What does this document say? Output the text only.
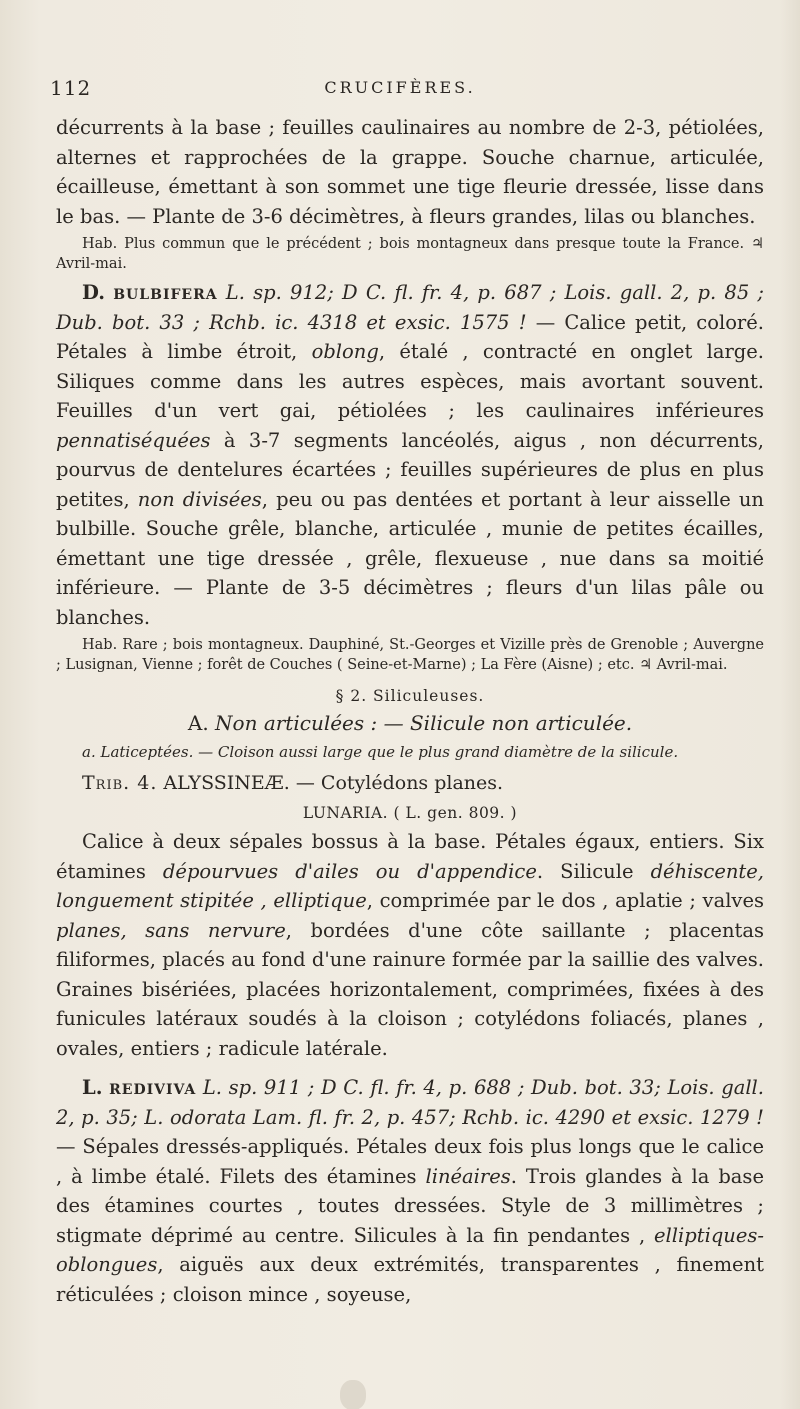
112	CRUCIFÈRES.

décurrents à la base ; feuilles caulinaires au nombre de 2-3, pétiolées, alternes et rapprochées de la grappe. Souche charnue, articulée, écailleuse, émettant à son sommet une tige fleurie dressée, lisse dans le bas. — Plante de 3-6 décimètres, à fleurs grandes, lilas ou blanches.

Hab. Plus commun que le précédent ; bois montagneux dans presque toute la France. ♃ Avril-mai.

D. bulbifera L. sp. 912; D C. fl. fr. 4, p. 687 ; Lois. gall. 2, p. 85 ; Dub. bot. 33 ; Rchb. ic. 4318 et exsic. 1575 ! — Calice petit, coloré. Pétales à limbe étroit, oblong, étalé , contracté en onglet large. Siliques comme dans les autres espèces, mais avortant souvent. Feuilles d'un vert gai, pétiolées ; les caulinaires inférieures pennatiséquées à 3-7 segments lancéolés, aigus , non décurrents, pourvus de dentelures écartées ; feuilles supérieures de plus en plus petites, non divisées, peu ou pas dentées et portant à leur aisselle un bulbille. Souche grêle, blanche, articulée , munie de petites écailles, émettant une tige dressée , grêle, flexueuse , nue dans sa moitié inférieure. — Plante de 3-5 décimètres ; fleurs d'un lilas pâle ou blanches.

Hab. Rare ; bois montagneux. Dauphiné, St.-Georges et Vizille près de Grenoble ; Auvergne ; Lusignan, Vienne ; forêt de Couches ( Seine-et-Marne) ; La Fère (Aisne) ; etc. ♃ Avril-mai.

§ 2. Siliculeuses.

A. Non articulées : — Silicule non articulée.

a. Laticeptées. — Cloison aussi large que le plus grand diamètre de la silicule.

Trib. 4. ALYSSINEÆ. — Cotylédons planes.

LUNARIA. ( L. gen. 809. )

Calice à deux sépales bossus à la base. Pétales égaux, entiers. Six étamines dépourvues d'ailes ou d'appendice. Silicule déhiscente, longuement stipitée , elliptique, comprimée par le dos , aplatie ; valves planes, sans nervure, bordées d'une côte saillante ; placentas filiformes, placés au fond d'une rainure formée par la saillie des valves. Graines bisériées, placées horizontalement, comprimées, fixées à des funicules latéraux soudés à la cloison ; cotylédons foliacés, planes , ovales, entiers ; radicule latérale.

L. rediviva L. sp. 911 ; D C. fl. fr. 4, p. 688 ; Dub. bot. 33; Lois. gall. 2, p. 35; L. odorata Lam. fl. fr. 2, p. 457; Rchb. ic. 4290 et exsic. 1279 ! — Sépales dressés-appliqués. Pétales deux fois plus longs que le calice , à limbe étalé. Filets des étamines linéaires. Trois glandes à la base des étamines courtes , toutes dressées. Style de 3 millimètres ; stigmate déprimé au centre. Silicules à la fin pendantes , elliptiques-oblongues, aiguës aux deux extrémités, transparentes , finement réticulées ; cloison mince , soyeuse,
